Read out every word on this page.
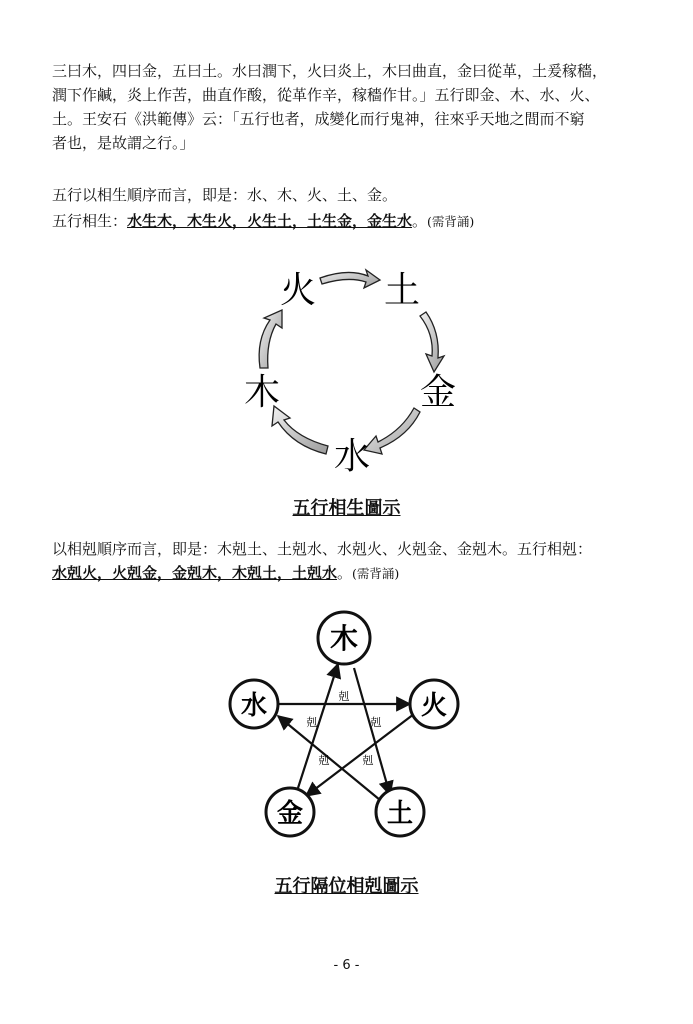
三曰木，四曰金，五曰土。水曰潤下，火曰炎上，木曰曲直，金曰從革，土爰稼穡，

潤下作鹹，炎上作苦，曲直作酸，從革作辛，稼穡作甘。」五行即金、木、水、火、

土。王安石《洪範傳》云：「五行也者，成變化而行鬼神，往來乎天地之間而不窮

者也，是故謂之行。」

五行以相生順序而言，即是：水、木、火、土、金。

五行相生：水生木，木生火，火生土，土生金，金生水。(需背誦)

火 土
木	金
水
五行相生圖示

以相剋順序而言，即是：木剋土、土剋水、水剋火、火剋金、金剋木。五行相剋：

水剋火，火剋金，金剋木，木剋土，土剋水。(需背誦)

剋
剋	剋
剋	剋
木
水	火
金	土
五行隔位相剋圖示
- 6 -
